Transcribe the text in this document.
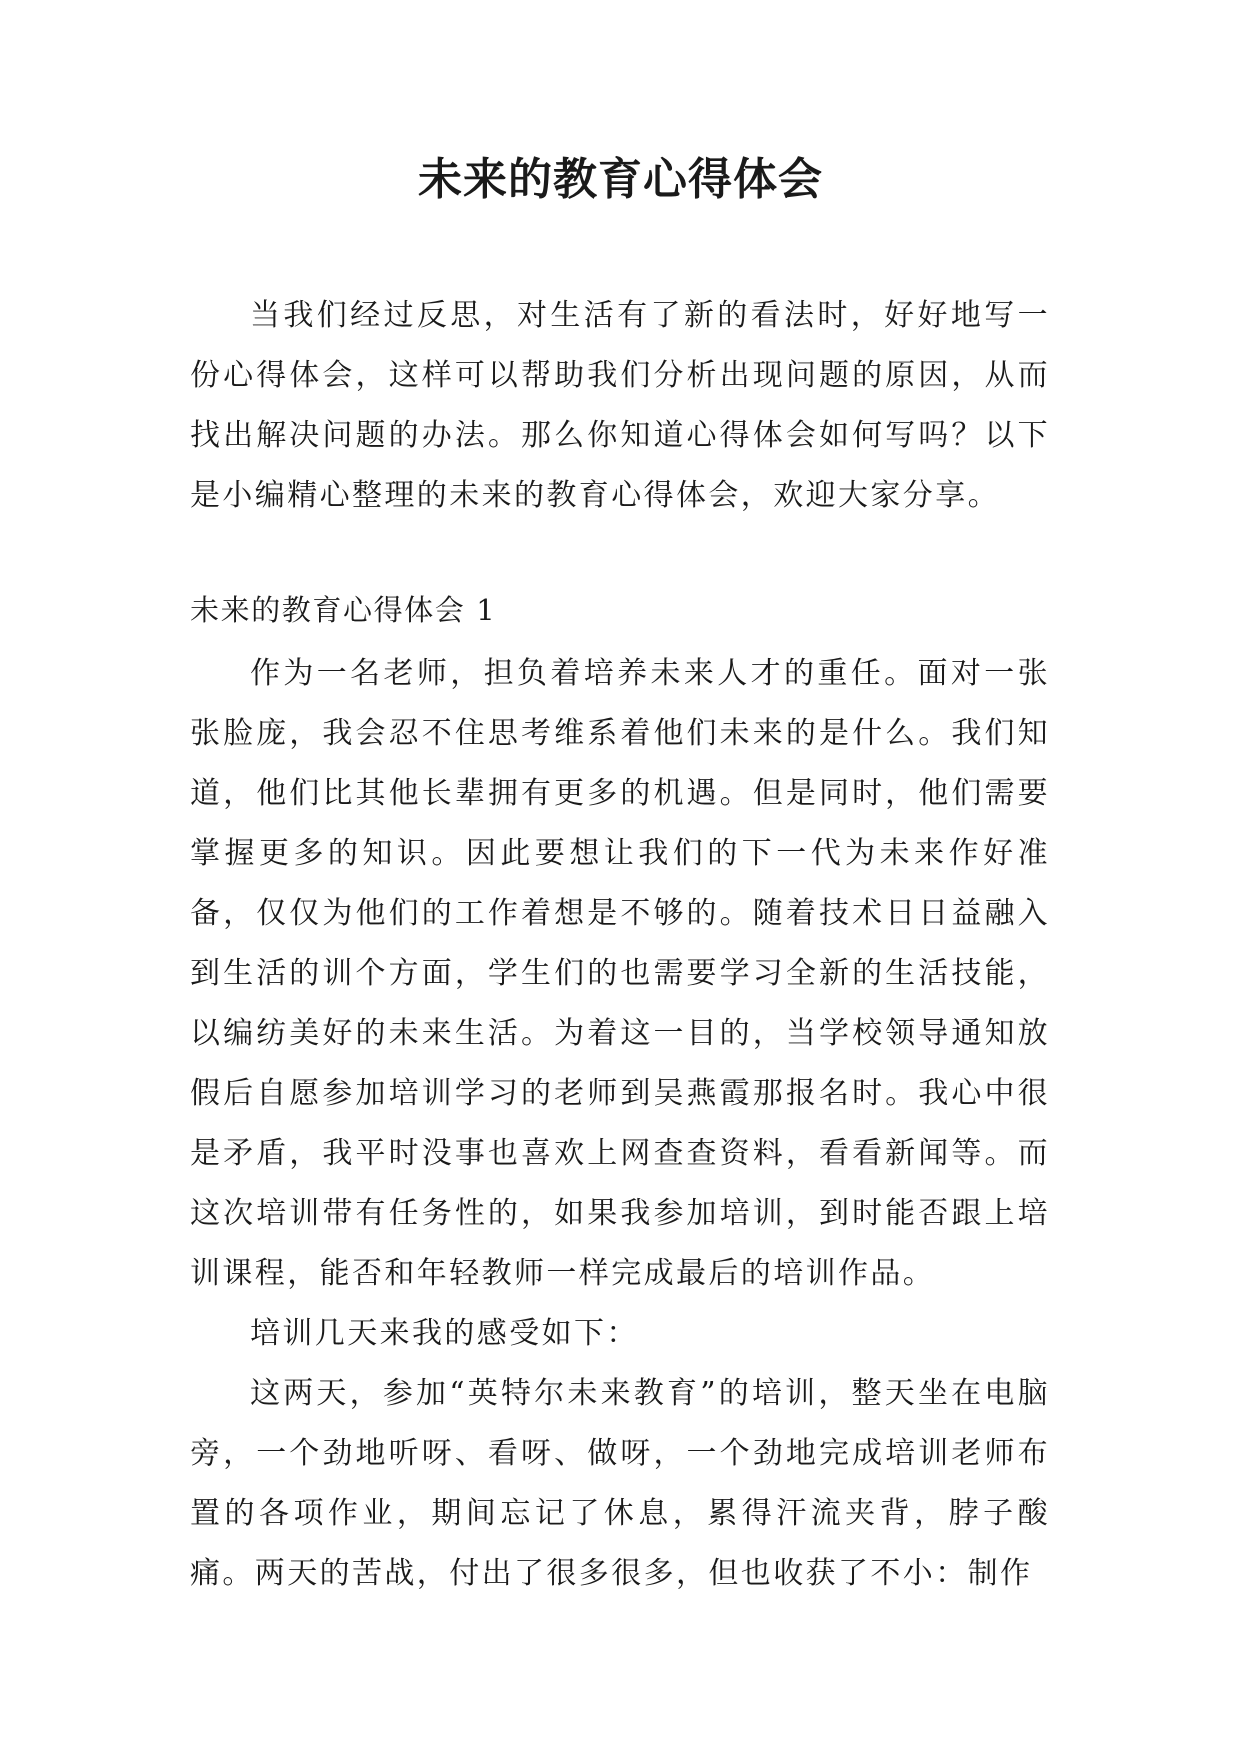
未来的教育心得体会

当我们经过反思，对生活有了新的看法时，好好地写一份心得体会，这样可以帮助我们分析出现问题的原因，从而找出解决问题的办法。那么你知道心得体会如何写吗？以下是小编精心整理的未来的教育心得体会，欢迎大家分享。

未来的教育心得体会 1

作为一名老师，担负着培养未来人才的重任。面对一张张脸庞，我会忍不住思考维系着他们未来的是什么。我们知道，他们比其他长辈拥有更多的机遇。但是同时，他们需要掌握更多的知识。因此要想让我们的下一代为未来作好准备，仅仅为他们的工作着想是不够的。随着技术日日益融入到生活的训个方面，学生们的也需要学习全新的生活技能，以编纺美好的未来生活。为着这一目的，当学校领导通知放假后自愿参加培训学习的老师到吴燕霞那报名时。我心中很是矛盾，我平时没事也喜欢上网查查资料，看看新闻等。而这次培训带有任务性的，如果我参加培训，到时能否跟上培训课程，能否和年轻教师一样完成最后的培训作品。

培训几天来我的感受如下：

这两天，参加“英特尔未来教育”的培训，整天坐在电脑旁，一个劲地听呀、看呀、做呀，一个劲地完成培训老师布置的各项作业，期间忘记了休息，累得汗流夹背，脖子酸痛。两天的苦战，付出了很多很多，但也收获了不小：制作
